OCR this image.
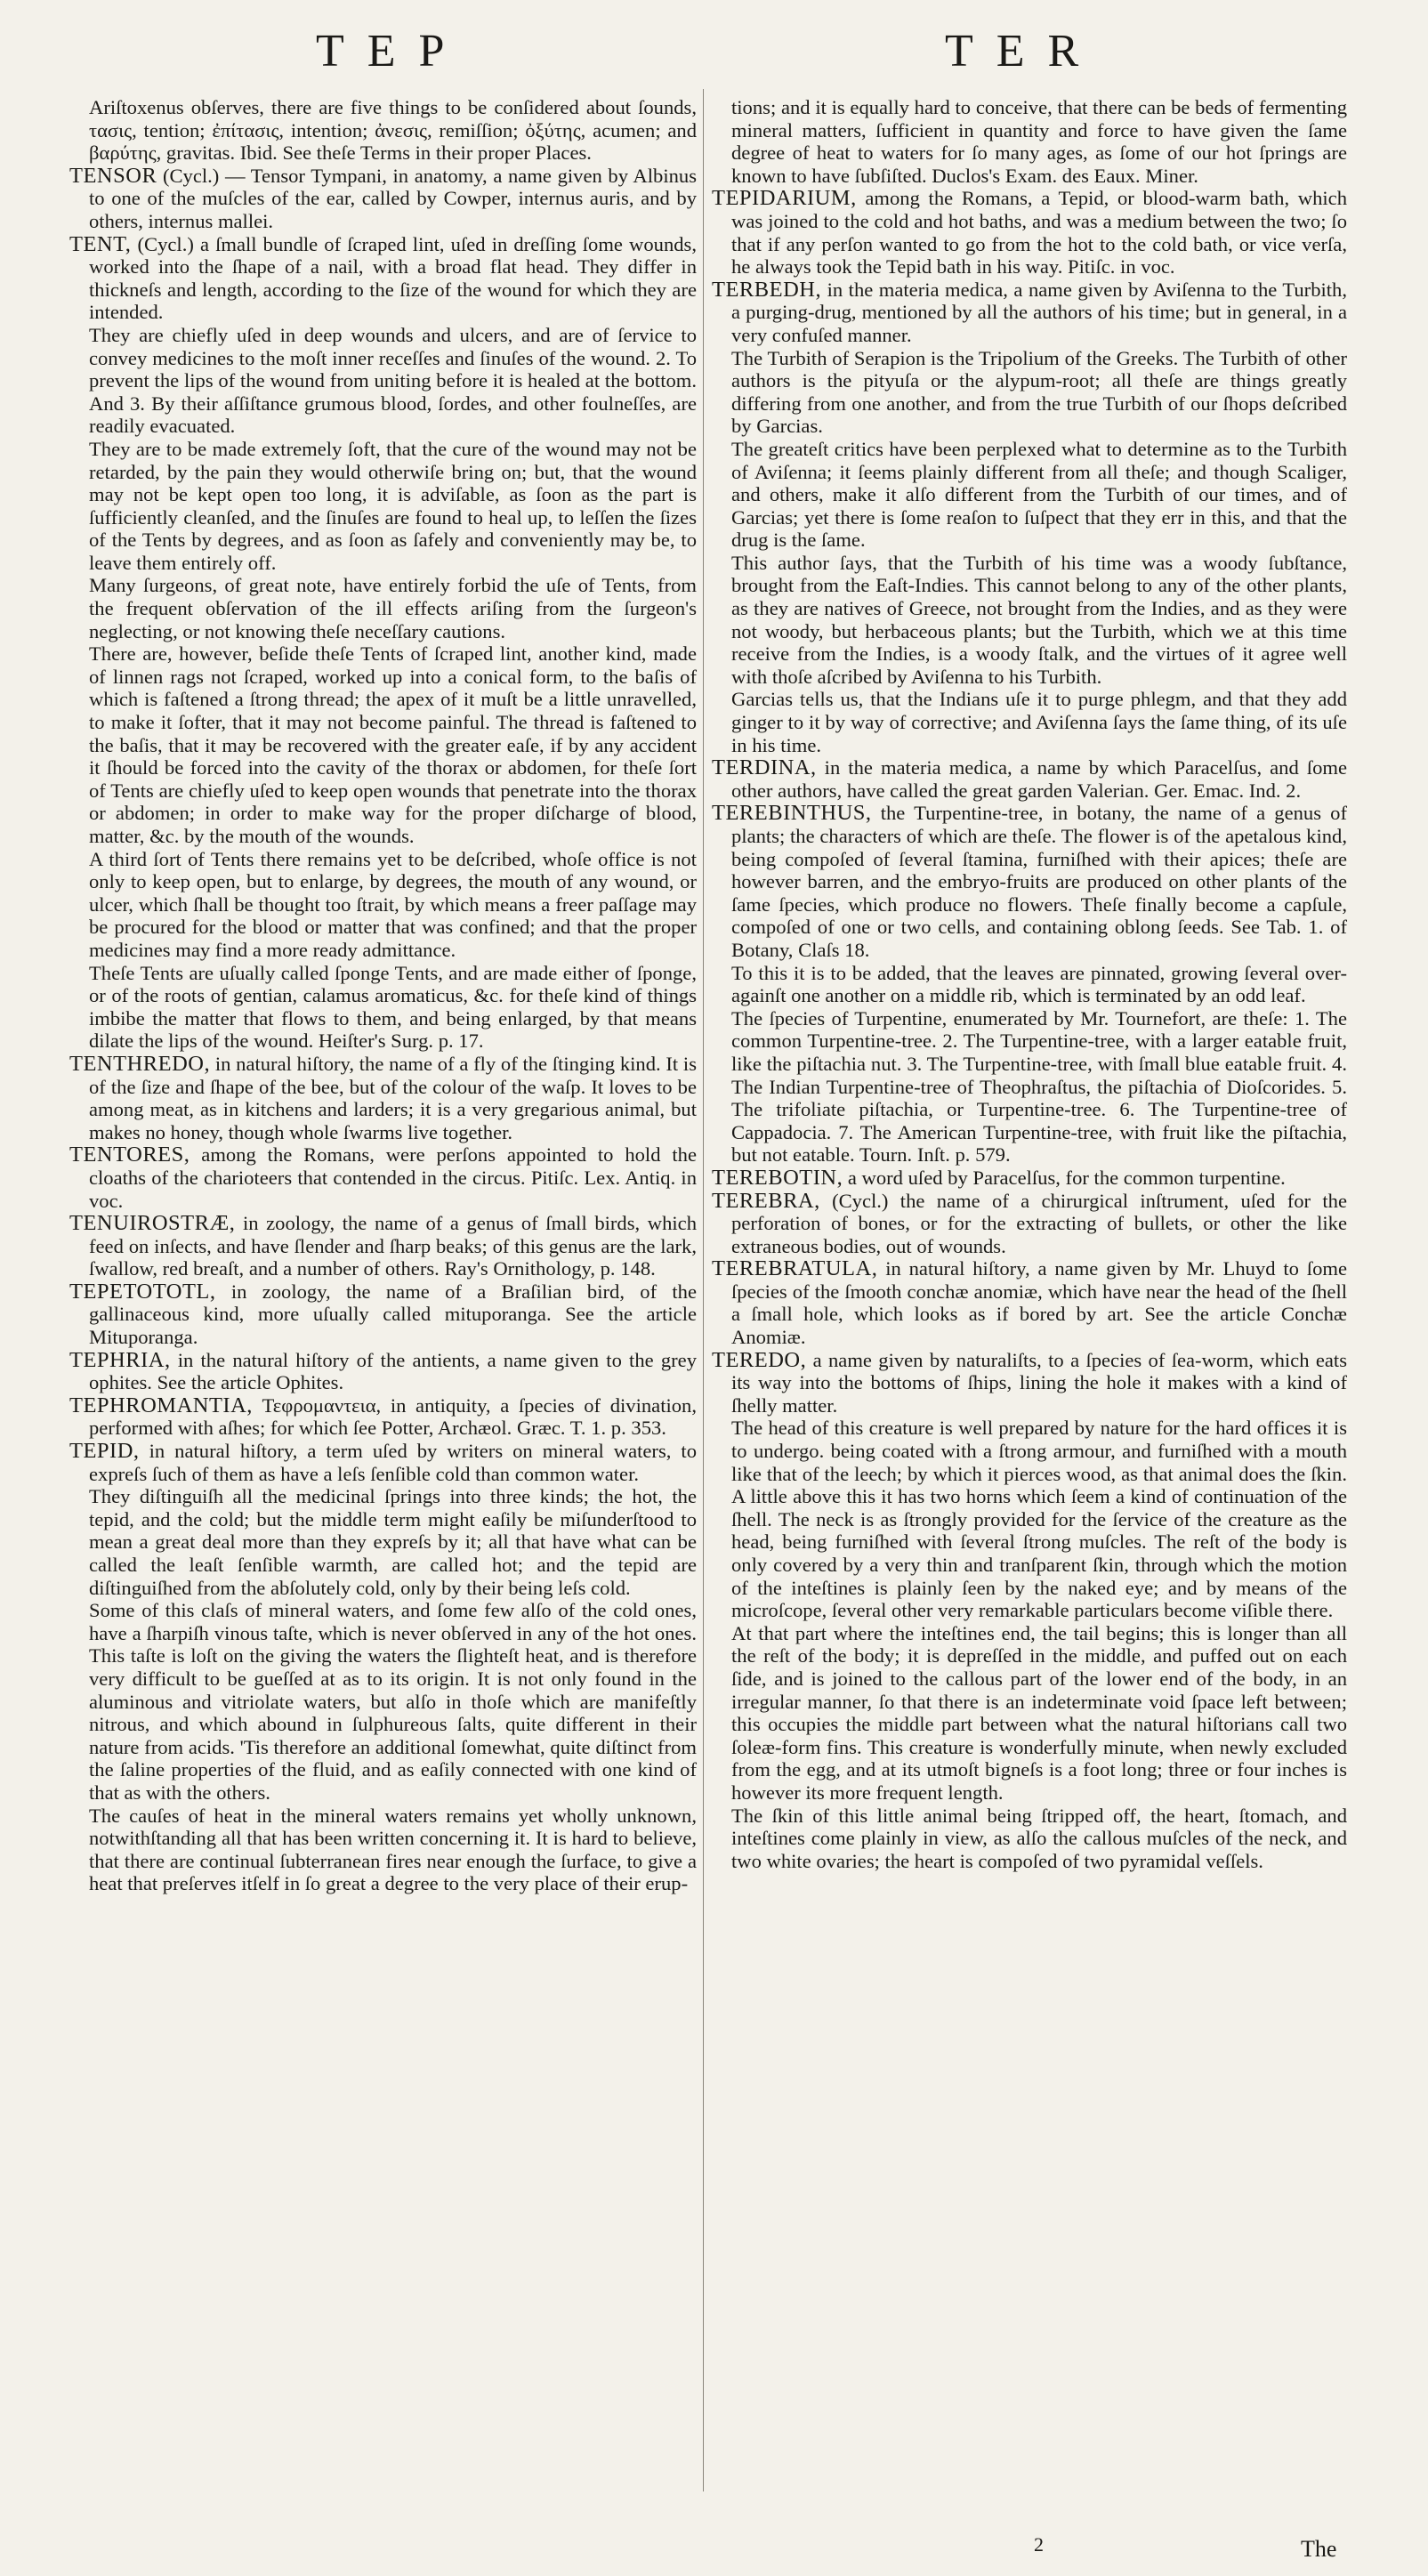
TEP	TER

Ariſtoxenus obſerves, there are five things to be conſidered about ſounds, τασις, tention; ἐπίτασις, intention; ἀνεσις, remiſſion; ὀξύτης, acumen; and βαρύτης, gravitas. Ibid. See theſe Terms in their proper Places.

TENSOR (Cycl.) — Tensor Tympani, in anatomy, a name given by Albinus to one of the muſcles of the ear, called by Cowper, internus auris, and by others, internus mallei.

TENT, (Cycl.) a ſmall bundle of ſcraped lint, uſed in dreſſing ſome wounds, worked into the ſhape of a nail, with a broad flat head. They differ in thickneſs and length, according to the ſize of the wound for which they are intended.

They are chiefly uſed in deep wounds and ulcers, and are of ſervice to convey medicines to the moſt inner receſſes and ſinuſes of the wound. 2. To prevent the lips of the wound from uniting before it is healed at the bottom. And 3. By their aſſiſtance grumous blood, ſordes, and other foulneſſes, are readily evacuated.

They are to be made extremely ſoft, that the cure of the wound may not be retarded, by the pain they would otherwiſe bring on; but, that the wound may not be kept open too long, it is adviſable, as ſoon as the part is ſufficiently cleanſed, and the ſinuſes are found to heal up, to leſſen the ſizes of the Tents by degrees, and as ſoon as ſafely and conveniently may be, to leave them entirely off.

Many ſurgeons, of great note, have entirely forbid the uſe of Tents, from the frequent obſervation of the ill effects ariſing from the ſurgeon's neglecting, or not knowing theſe neceſſary cautions.

There are, however, beſide theſe Tents of ſcraped lint, another kind, made of linnen rags not ſcraped, worked up into a conical form, to the baſis of which is faſtened a ſtrong thread; the apex of it muſt be a little unravelled, to make it ſofter, that it may not become painful. The thread is faſtened to the baſis, that it may be recovered with the greater eaſe, if by any accident it ſhould be forced into the cavity of the thorax or abdomen, for theſe ſort of Tents are chiefly uſed to keep open wounds that penetrate into the thorax or abdomen; in order to make way for the proper diſcharge of blood, matter, &c. by the mouth of the wounds.

A third ſort of Tents there remains yet to be deſcribed, whoſe office is not only to keep open, but to enlarge, by degrees, the mouth of any wound, or ulcer, which ſhall be thought too ſtrait, by which means a freer paſſage may be procured for the blood or matter that was confined; and that the proper medicines may find a more ready admittance.

Theſe Tents are uſually called ſponge Tents, and are made either of ſponge, or of the roots of gentian, calamus aromaticus, &c. for theſe kind of things imbibe the matter that flows to them, and being enlarged, by that means dilate the lips of the wound. Heiſter's Surg. p. 17.

TENTHREDO, in natural hiſtory, the name of a fly of the ſtinging kind. It is of the ſize and ſhape of the bee, but of the colour of the waſp. It loves to be among meat, as in kitchens and larders; it is a very gregarious animal, but makes no honey, though whole ſwarms live together.

TENTORES, among the Romans, were perſons appointed to hold the cloaths of the charioteers that contended in the circus. Pitiſc. Lex. Antiq. in voc.

TENUIROSTRÆ, in zoology, the name of a genus of ſmall birds, which feed on inſects, and have ſlender and ſharp beaks; of this genus are the lark, ſwallow, red breaſt, and a number of others. Ray's Ornithology, p. 148.

TEPETOTOTL, in zoology, the name of a Braſilian bird, of the gallinaceous kind, more uſually called mituporanga. See the article Mituporanga.

TEPHRIA, in the natural hiſtory of the antients, a name given to the grey ophites. See the article Ophites.

TEPHROMANTIA, Τεφρομαντεια, in antiquity, a ſpecies of divination, performed with aſhes; for which ſee Potter, Archæol. Græc. T. 1. p. 353.

TEPID, in natural hiſtory, a term uſed by writers on mineral waters, to expreſs ſuch of them as have a leſs ſenſible cold than common water.

They diſtinguiſh all the medicinal ſprings into three kinds; the hot, the tepid, and the cold; but the middle term might eaſily be miſunderſtood to mean a great deal more than they expreſs by it; all that have what can be called the leaſt ſenſible warmth, are called hot; and the tepid are diſtinguiſhed from the abſolutely cold, only by their being leſs cold.

Some of this claſs of mineral waters, and ſome few alſo of the cold ones, have a ſharpiſh vinous taſte, which is never obſerved in any of the hot ones. This taſte is loſt on the giving the waters the ſlighteſt heat, and is therefore very difficult to be gueſſed at as to its origin. It is not only found in the aluminous and vitriolate waters, but alſo in thoſe which are manifeſtly nitrous, and which abound in ſulphureous ſalts, quite different in their nature from acids. 'Tis therefore an additional ſomewhat, quite diſtinct from the ſaline properties of the fluid, and as eaſily connected with one kind of that as with the others.

The cauſes of heat in the mineral waters remains yet wholly unknown, notwithſtanding all that has been written concerning it. It is hard to believe, that there are continual ſubterranean fires near enough the ſurface, to give a heat that preſerves itſelf in ſo great a degree to the very place of their erup-

tions; and it is equally hard to conceive, that there can be beds of fermenting mineral matters, ſufficient in quantity and force to have given the ſame degree of heat to waters for ſo many ages, as ſome of our hot ſprings are known to have ſubſiſted. Duclos's Exam. des Eaux. Miner.

TEPIDARIUM, among the Romans, a Tepid, or blood-warm bath, which was joined to the cold and hot baths, and was a medium between the two; ſo that if any perſon wanted to go from the hot to the cold bath, or vice verſa, he always took the Tepid bath in his way. Pitiſc. in voc.

TERBEDH, in the materia medica, a name given by Aviſenna to the Turbith, a purging-drug, mentioned by all the authors of his time; but in general, in a very confuſed manner.

The Turbith of Serapion is the Tripolium of the Greeks. The Turbith of other authors is the pityuſa or the alypum-root; all theſe are things greatly differing from one another, and from the true Turbith of our ſhops deſcribed by Garcias.

The greateſt critics have been perplexed what to determine as to the Turbith of Aviſenna; it ſeems plainly different from all theſe; and though Scaliger, and others, make it alſo different from the Turbith of our times, and of Garcias; yet there is ſome reaſon to ſuſpect that they err in this, and that the drug is the ſame.

This author ſays, that the Turbith of his time was a woody ſubſtance, brought from the Eaſt-Indies. This cannot belong to any of the other plants, as they are natives of Greece, not brought from the Indies, and as they were not woody, but herbaceous plants; but the Turbith, which we at this time receive from the Indies, is a woody ſtalk, and the virtues of it agree well with thoſe aſcribed by Aviſenna to his Turbith.

Garcias tells us, that the Indians uſe it to purge phlegm, and that they add ginger to it by way of corrective; and Aviſenna ſays the ſame thing, of its uſe in his time.

TERDINA, in the materia medica, a name by which Paracelſus, and ſome other authors, have called the great garden Valerian. Ger. Emac. Ind. 2.

TEREBINTHUS, the Turpentine-tree, in botany, the name of a genus of plants; the characters of which are theſe. The flower is of the apetalous kind, being compoſed of ſeveral ſtamina, furniſhed with their apices; theſe are however barren, and the embryo-fruits are produced on other plants of the ſame ſpecies, which produce no flowers. Theſe finally become a capſule, compoſed of one or two cells, and containing oblong ſeeds. See Tab. 1. of Botany, Claſs 18.

To this it is to be added, that the leaves are pinnated, growing ſeveral over-againſt one another on a middle rib, which is terminated by an odd leaf.

The ſpecies of Turpentine, enumerated by Mr. Tournefort, are theſe: 1. The common Turpentine-tree. 2. The Turpentine-tree, with a larger eatable fruit, like the piſtachia nut. 3. The Turpentine-tree, with ſmall blue eatable fruit. 4. The Indian Turpentine-tree of Theophraſtus, the piſtachia of Dioſcorides. 5. The trifoliate piſtachia, or Turpentine-tree. 6. The Turpentine-tree of Cappadocia. 7. The American Turpentine-tree, with fruit like the piſtachia, but not eatable. Tourn. Inſt. p. 579.

TEREBOTIN, a word uſed by Paracelſus, for the common turpentine.

TEREBRA, (Cycl.) the name of a chirurgical inſtrument, uſed for the perforation of bones, or for the extracting of bullets, or other the like extraneous bodies, out of wounds.

TEREBRATULA, in natural hiſtory, a name given by Mr. Lhuyd to ſome ſpecies of the ſmooth conchæ anomiæ, which have near the head of the ſhell a ſmall hole, which looks as if bored by art. See the article Conchæ Anomiæ.

TEREDO, a name given by naturaliſts, to a ſpecies of ſea-worm, which eats its way into the bottoms of ſhips, lining the hole it makes with a kind of ſhelly matter.

The head of this creature is well prepared by nature for the hard offices it is to undergo. being coated with a ſtrong armour, and furniſhed with a mouth like that of the leech; by which it pierces wood, as that animal does the ſkin. A little above this it has two horns which ſeem a kind of continuation of the ſhell. The neck is as ſtrongly provided for the ſervice of the creature as the head, being furniſhed with ſeveral ſtrong muſcles. The reſt of the body is only covered by a very thin and tranſparent ſkin, through which the motion of the inteſtines is plainly ſeen by the naked eye; and by means of the microſcope, ſeveral other very remarkable particulars become viſible there.

At that part where the inteſtines end, the tail begins; this is longer than all the reſt of the body; it is depreſſed in the middle, and puffed out on each ſide, and is joined to the callous part of the lower end of the body, in an irregular manner, ſo that there is an indeterminate void ſpace left between; this occupies the middle part between what the natural hiſtorians call two ſoleæ-form fins. This creature is wonderfully minute, when newly excluded from the egg, and at its utmoſt bigneſs is a foot long; three or four inches is however its more frequent length.

The ſkin of this little animal being ſtripped off, the heart, ſtomach, and inteſtines come plainly in view, as alſo the callous muſcles of the neck, and two white ovaries; the heart is compoſed of two pyramidal veſſels.

2	The
